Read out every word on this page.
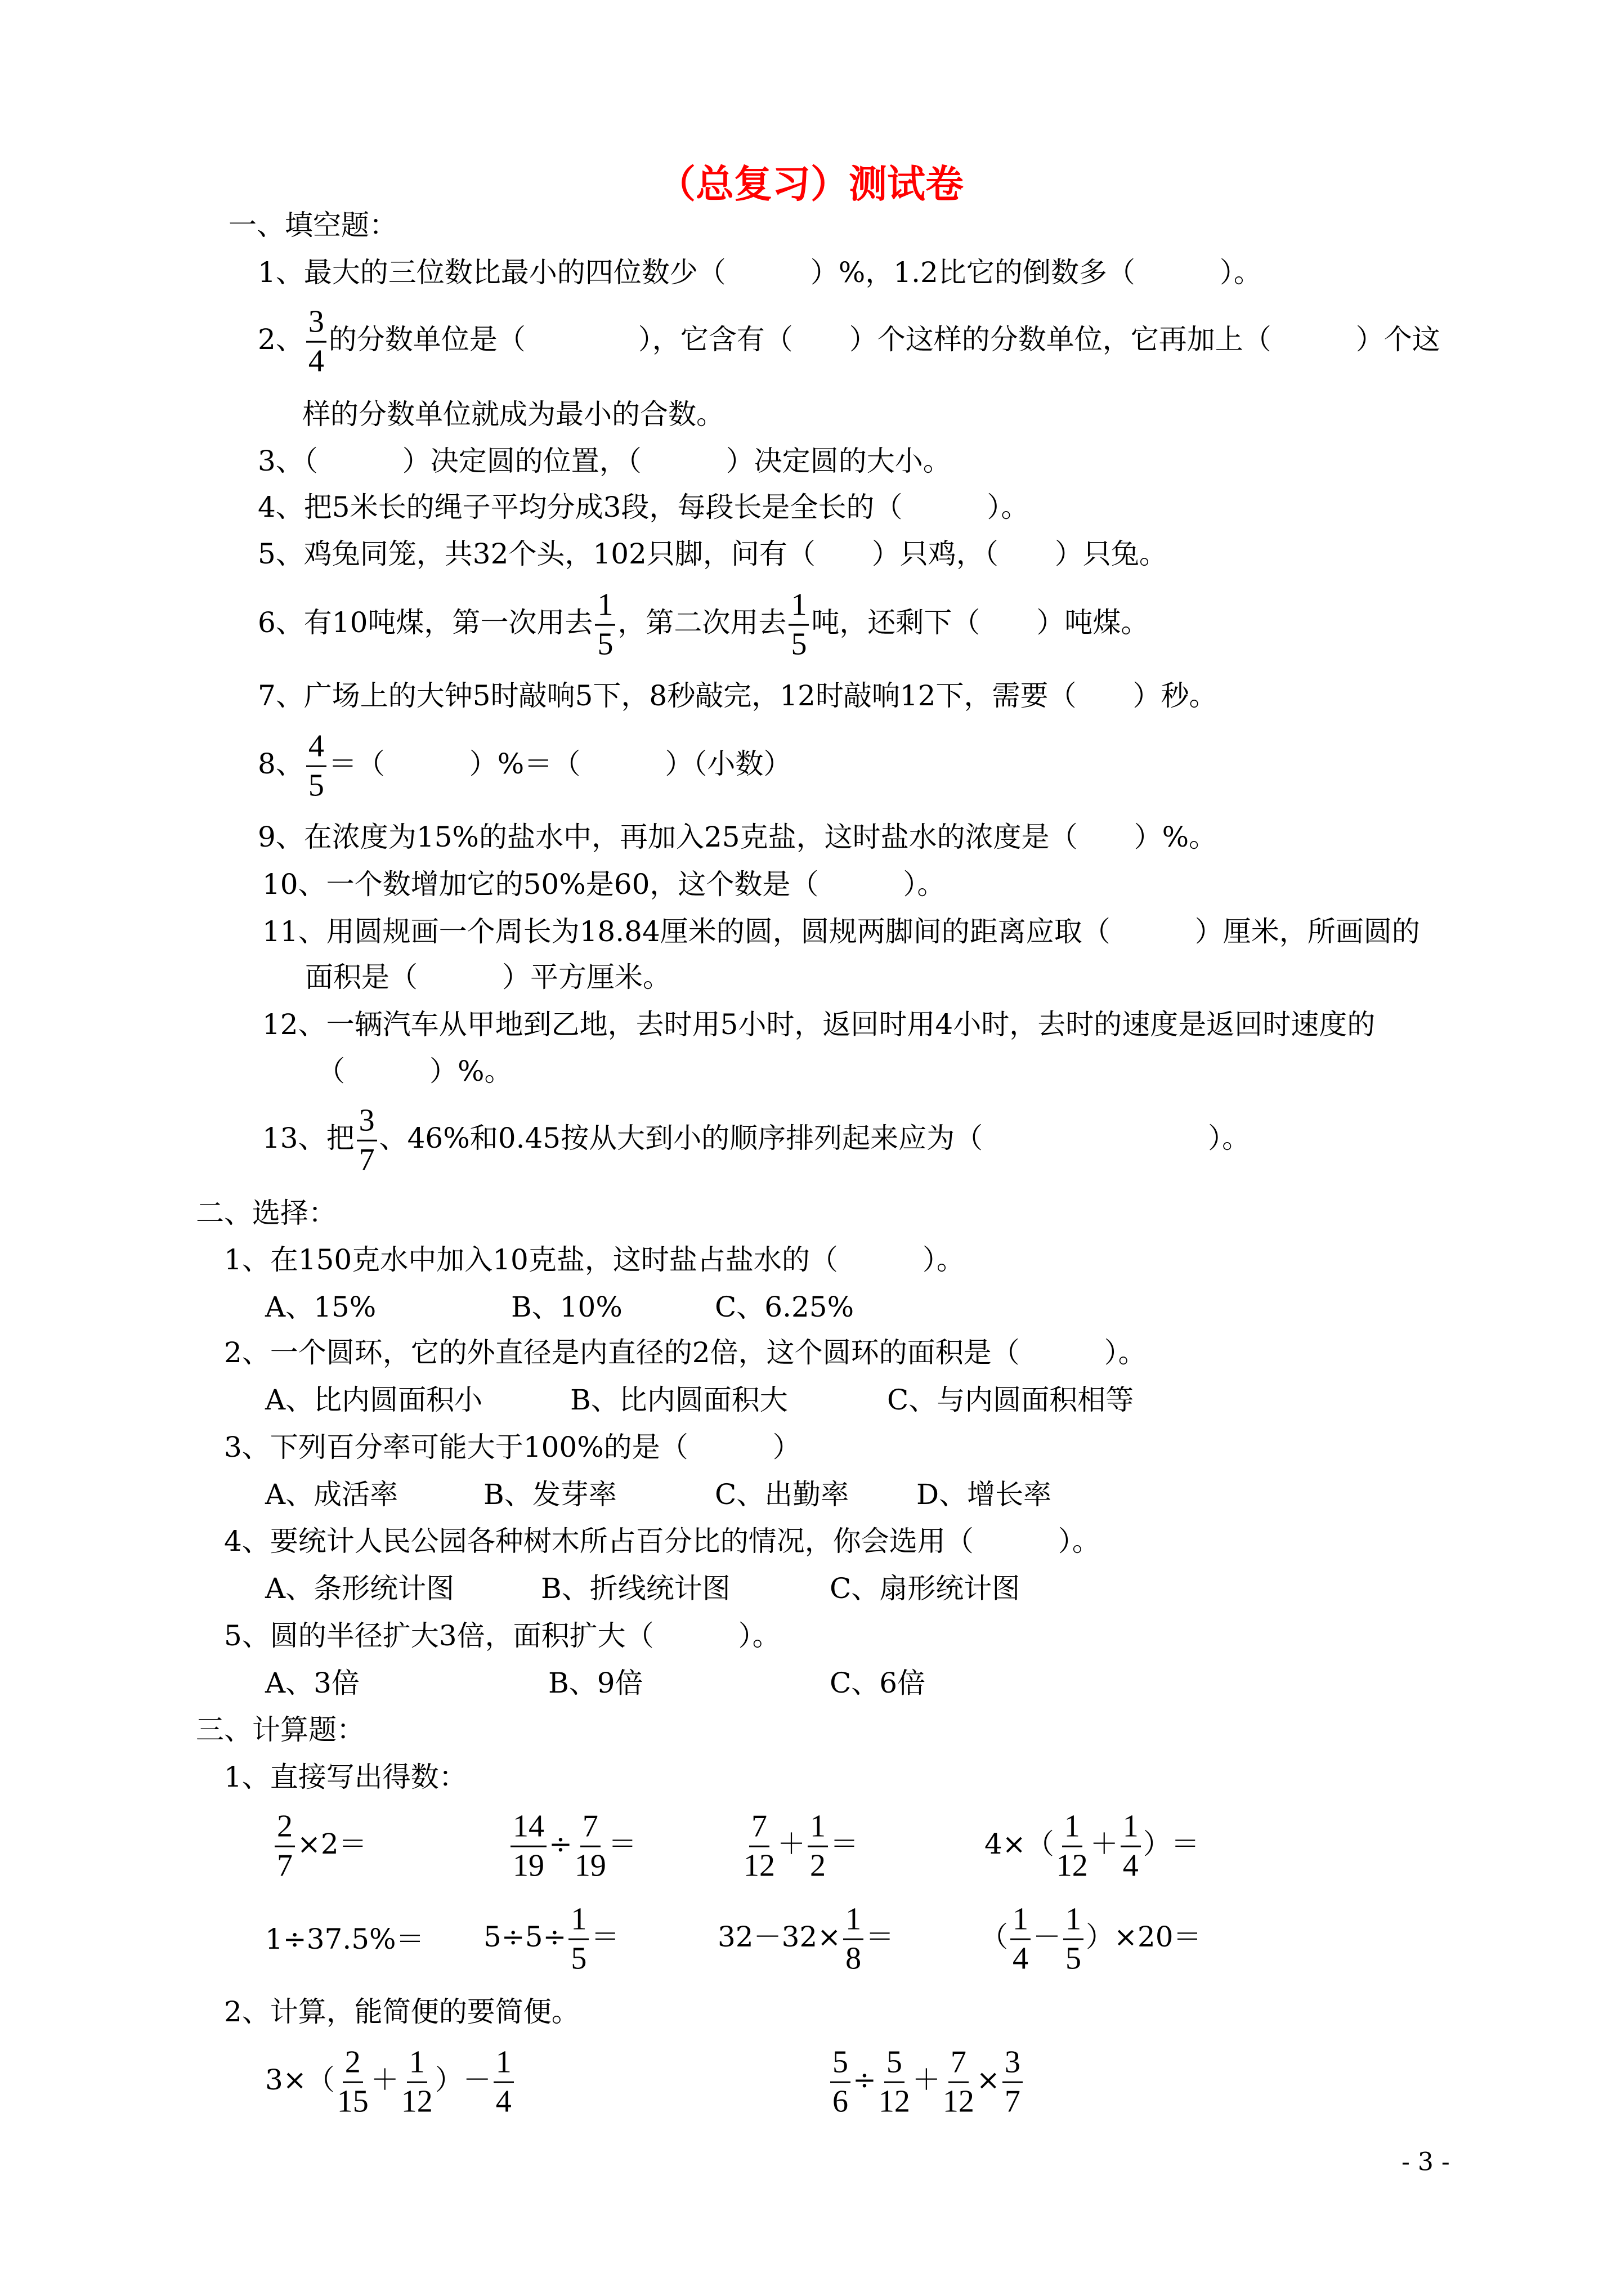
（总复习）测试卷
一、填空题：
1、最大的三位数比最小的四位数少（　　　）%，1.2比它的倒数多（　　　）。
2、 $\frac{3}{4}$ 的分数单位是（　　　　），它含有（　　）个这样的分数单位，它再加上（　　　）个这
样的分数单位就成为最小的合数。
3、（　　　）决定圆的位置，（　　　）决定圆的大小。
4、把5米长的绳子平均分成3段，每段长是全长的（　　　）。
5、鸡兔同笼，共32个头，102只脚，问有（　　）只鸡，（　　）只兔。
6、有10吨煤，第一次用去 $\frac{1}{5}$ ，第二次用去 $\frac{1}{5}$ 吨，还剩下（　　）吨煤。
7、广场上的大钟5时敲响5下，8秒敲完，12时敲响12下，需要（　　）秒。
8、 $\frac{4}{5}$ ＝（　　　）%＝（　　　）（小数）
9、在浓度为15%的盐水中，再加入25克盐，这时盐水的浓度是（　　）%。
10、一个数增加它的50%是60，这个数是（　　　）。
11、用圆规画一个周长为18.84厘米的圆，圆规两脚间的距离应取（　　　）厘米，所画圆的
面积是（　　　）平方厘米。
12、一辆汽车从甲地到乙地，去时用5小时，返回时用4小时，去时的速度是返回时速度的
（　　　）%。
13、把 $\frac{3}{7}$ 、46%和0.45按从大到小的顺序排列起来应为（　　　　　　　　）。
二、选择：
1、在150克水中加入10克盐，这时盐占盐水的（　　　）。
A、15%	B、10%	C、6.25%
2、一个圆环，它的外直径是内直径的2倍，这个圆环的面积是（　　　）。
A、比内圆面积小	B、比内圆面积大	C、与内圆面积相等
3、下列百分率可能大于100%的是（　　　）
A、成活率	B、发芽率	C、出勤率 D、增长率
4、要统计人民公园各种树木所占百分比的情况，你会选用（　　　）。
A、条形统计图	B、折线统计图	C、扇形统计图
5、圆的半径扩大3倍，面积扩大（　　　）。
A、3倍	B、9倍	C、6倍
三、计算题：
1、直接写出得数：
$\frac{2}{7} \times 2=$	$\frac{14}{19} \div \frac{7}{19}$ ＝	$\frac{7}{12} + \frac{1}{2}$ ＝	$4\times( \frac{1}{12} + \frac{1}{4}$ ）＝
$1\div 37.5\%= 5\div 5\div \frac{1}{5}$ ＝	$32-32\times \frac{1}{8}$ ＝	（ $\frac{1}{4} - \frac{1}{5} )\times 20=$
2、计算，能简便的要简便。
$3\times( \frac{2}{15} + \frac{1}{12}$ ）－ $\frac{1}{4}$	$\frac{5}{6} \div \frac{5}{12} + \frac{7}{12} \times \frac{3}{7}$
- 3 -
